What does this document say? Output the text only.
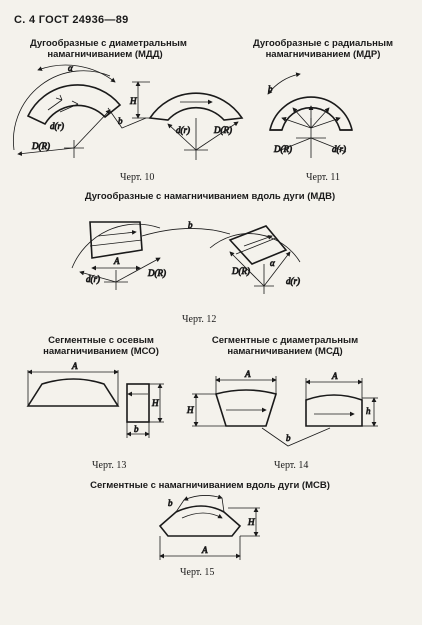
С. 4 ГОСТ 24936—89
Дугообразные с диаметральным
намагничиванием (МДД)
Дугообразные с радиальным
намагничиванием (МДР)
Дугообразные с намагничиванием вдоль дуги (МДВ)
Сегментные с осевым
намагничиванием (МСО)
Сегментные с диаметральным
намагничиванием (МСД)
Сегментные с намагничиванием вдоль дуги (МСВ)
Черт. 10	Черт. 11
Черт. 12
Черт. 13	Черт. 14
Черт. 15
α
d(r)
D(R)
H
d(r)	D(R)
b
b
D(R)	d(r)
A
d(r)
D(R)	D(R)
α
d(r)
b
A
H
b
A
H
A
h
b
b
A
H
